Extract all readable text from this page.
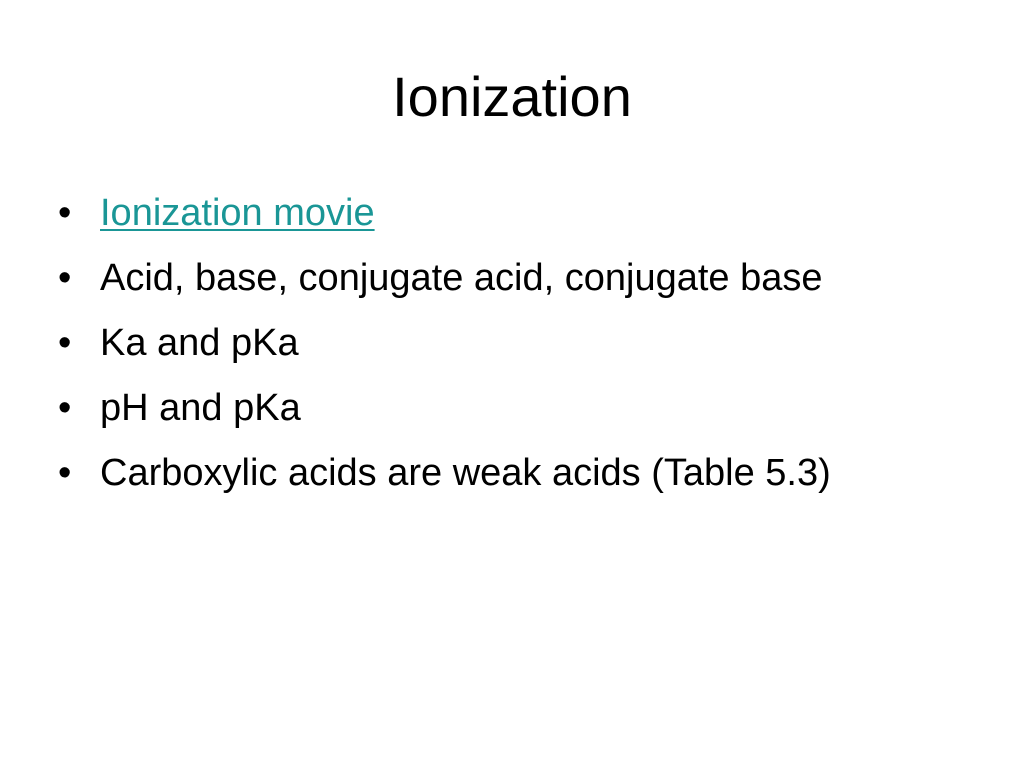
Ionization
• Ionization movie
• Acid, base, conjugate acid, conjugate base
• Ka and pKa
• pH and pKa
• Carboxylic acids are weak acids (Table 5.3)
